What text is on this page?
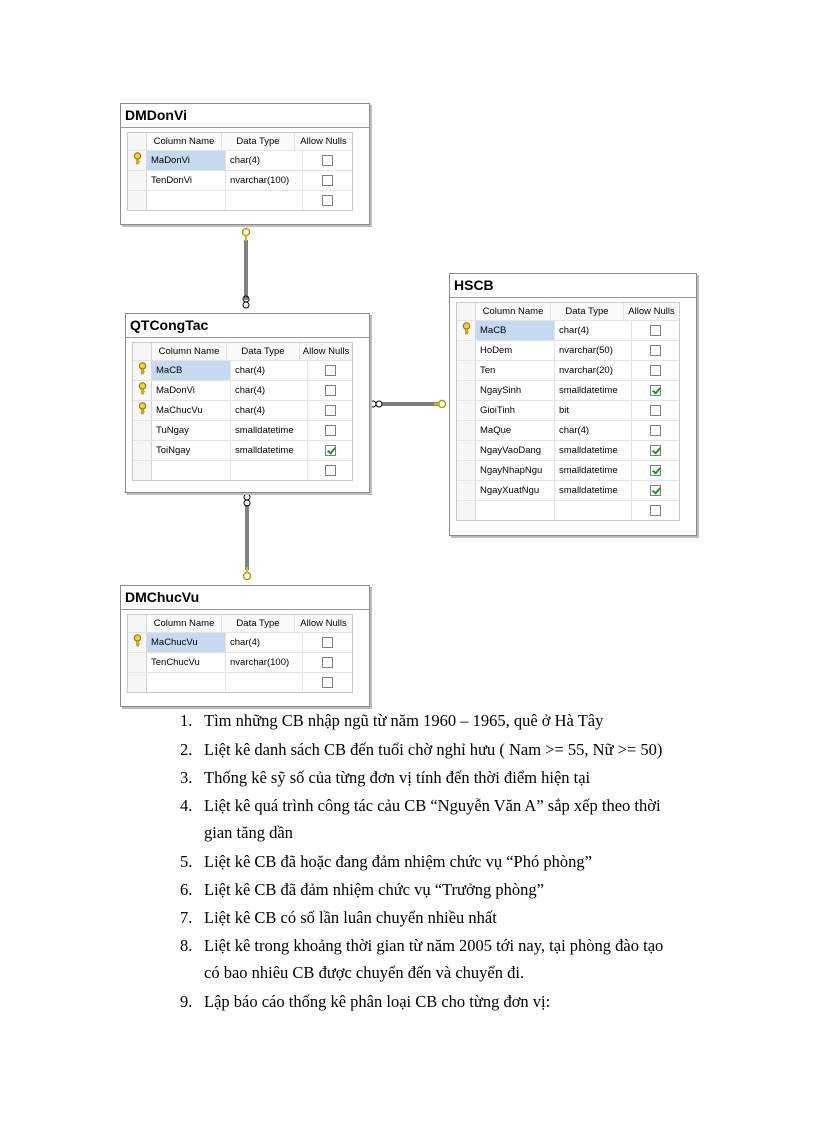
DMDonVi
Column Name	Data Type	Allow Nulls
MaDonVi	char(4)
TenDonVi	nvarchar(100)
QTCongTac
Column Name	Data Type	Allow Nulls
MaCB	char(4)
MaDonVi	char(4)
MaChucVu	char(4)
TuNgay	smalldatetime
ToiNgay	smalldatetime
HSCB
Column Name	Data Type	Allow Nulls
MaCB	char(4)
HoDem	nvarchar(50)
Ten	nvarchar(20)
NgaySinh	smalldatetime
GioiTinh	bit
MaQue	char(4)
NgayVaoDang	smalldatetime
NgayNhapNgu	smalldatetime
NgayXuatNgu	smalldatetime
DMChucVu
Column Name	Data Type	Allow Nulls
MaChucVu	char(4)
TenChucVu	nvarchar(100)
1. Tìm những CB nhập ngũ từ năm 1960 – 1965, quê ở Hà Tây
2. Liệt kê danh sách CB đến tuổi chờ nghỉ hưu ( Nam >= 55, Nữ >= 50)
3. Thống kê sỹ số của từng đơn vị tính đến thời điểm hiện tại
4. Liệt kê quá trình công tác cảu CB “Nguyễn Văn A” sắp xếp theo thời
gian tăng dần
5. Liệt kê CB đã hoặc đang đảm nhiệm chức vụ “Phó phòng”
6. Liệt kê CB đã đảm nhiệm chức vụ “Trưởng phòng”
7. Liệt kê CB có số lần luân chuyển nhiều nhất
8. Liệt kê trong khoảng thời gian từ năm 2005 tới nay, tại phòng đào tạo
có bao nhiêu CB được chuyển đến và chuyển đi.
9. Lập báo cáo thống kê phân loại CB cho từng đơn vị:
